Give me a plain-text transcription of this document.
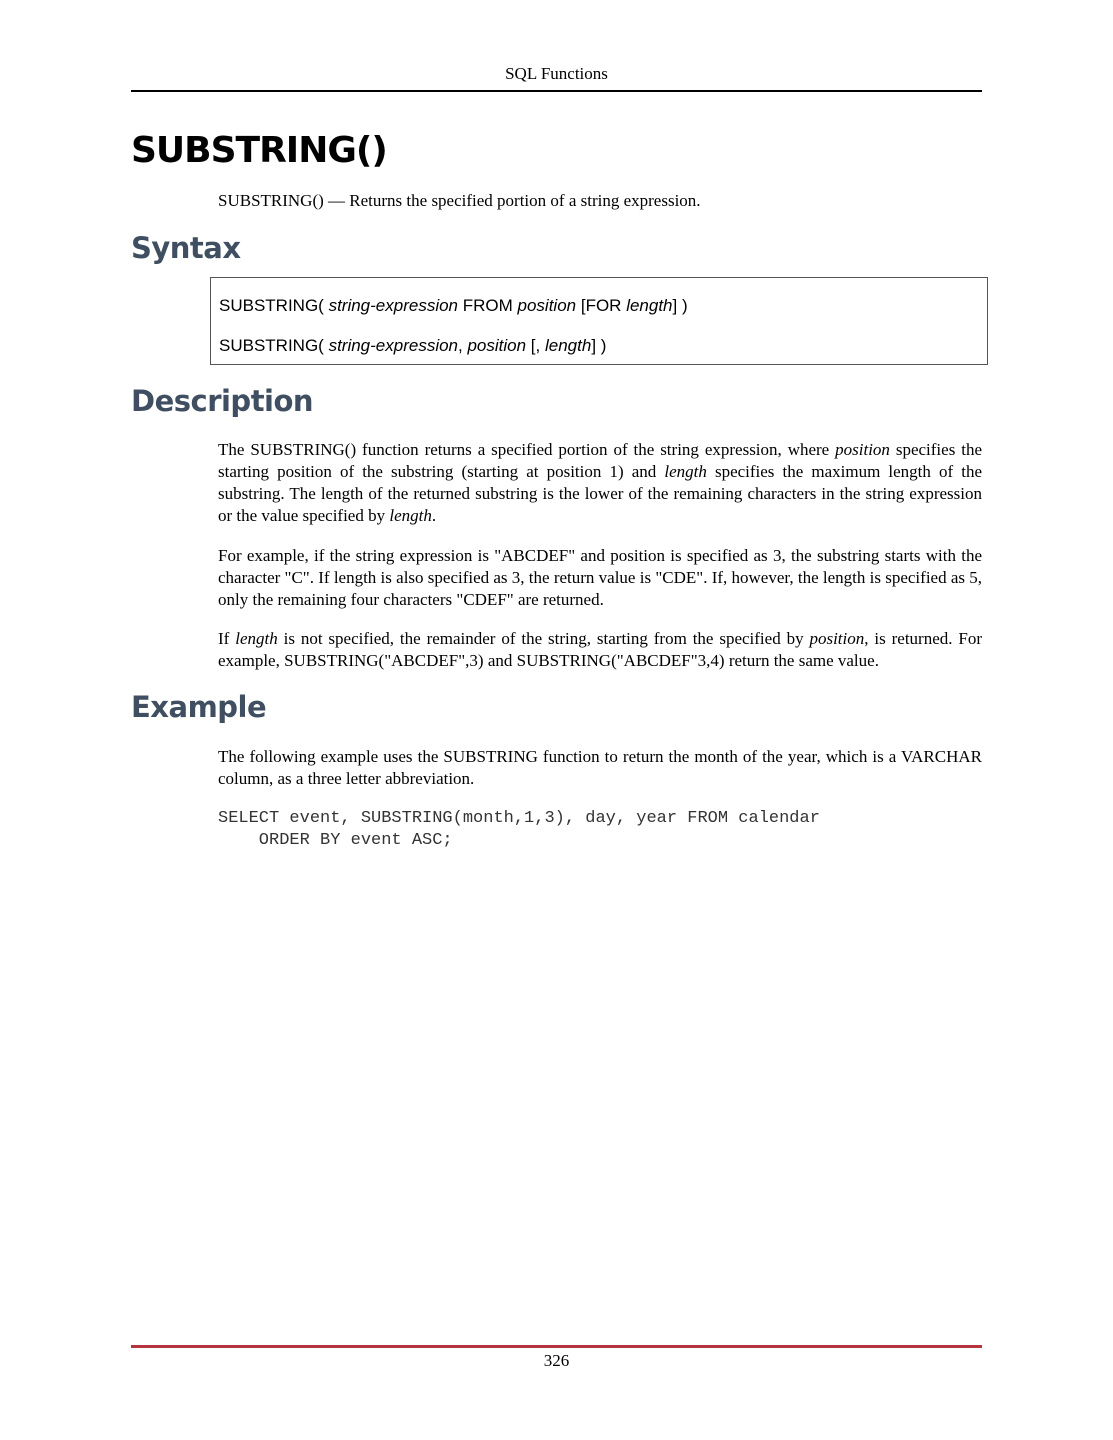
SQL Functions
SUBSTRING()
SUBSTRING() — Returns the specified portion of a string expression.
Syntax
SUBSTRING( string-expression FROM position [FOR length] )
SUBSTRING( string-expression, position [, length] )
Description

The SUBSTRING() function returns a specified portion of the string expression, where position specifies the starting position of the substring (starting at position 1) and length specifies the maximum length of the substring. The length of the returned substring is the lower of the remaining characters in the string expression or the value specified by length.

For example, if the string expression is "ABCDEF" and position is specified as 3, the substring starts with the character "C". If length is also specified as 3, the return value is "CDE". If, however, the length is specified as 5, only the remaining four characters "CDEF" are returned.

If length is not specified, the remainder of the string, starting from the specified by position, is returned. For example, SUBSTRING("ABCDEF",3) and SUBSTRING("ABCDEF"3,4) return the same value.

Example

The following example uses the SUBSTRING function to return the month of the year, which is a VARCHAR column, as a three letter abbreviation.

SELECT event, SUBSTRING(month,1,3), day, year FROM calendar
ORDER BY event ASC;
326
